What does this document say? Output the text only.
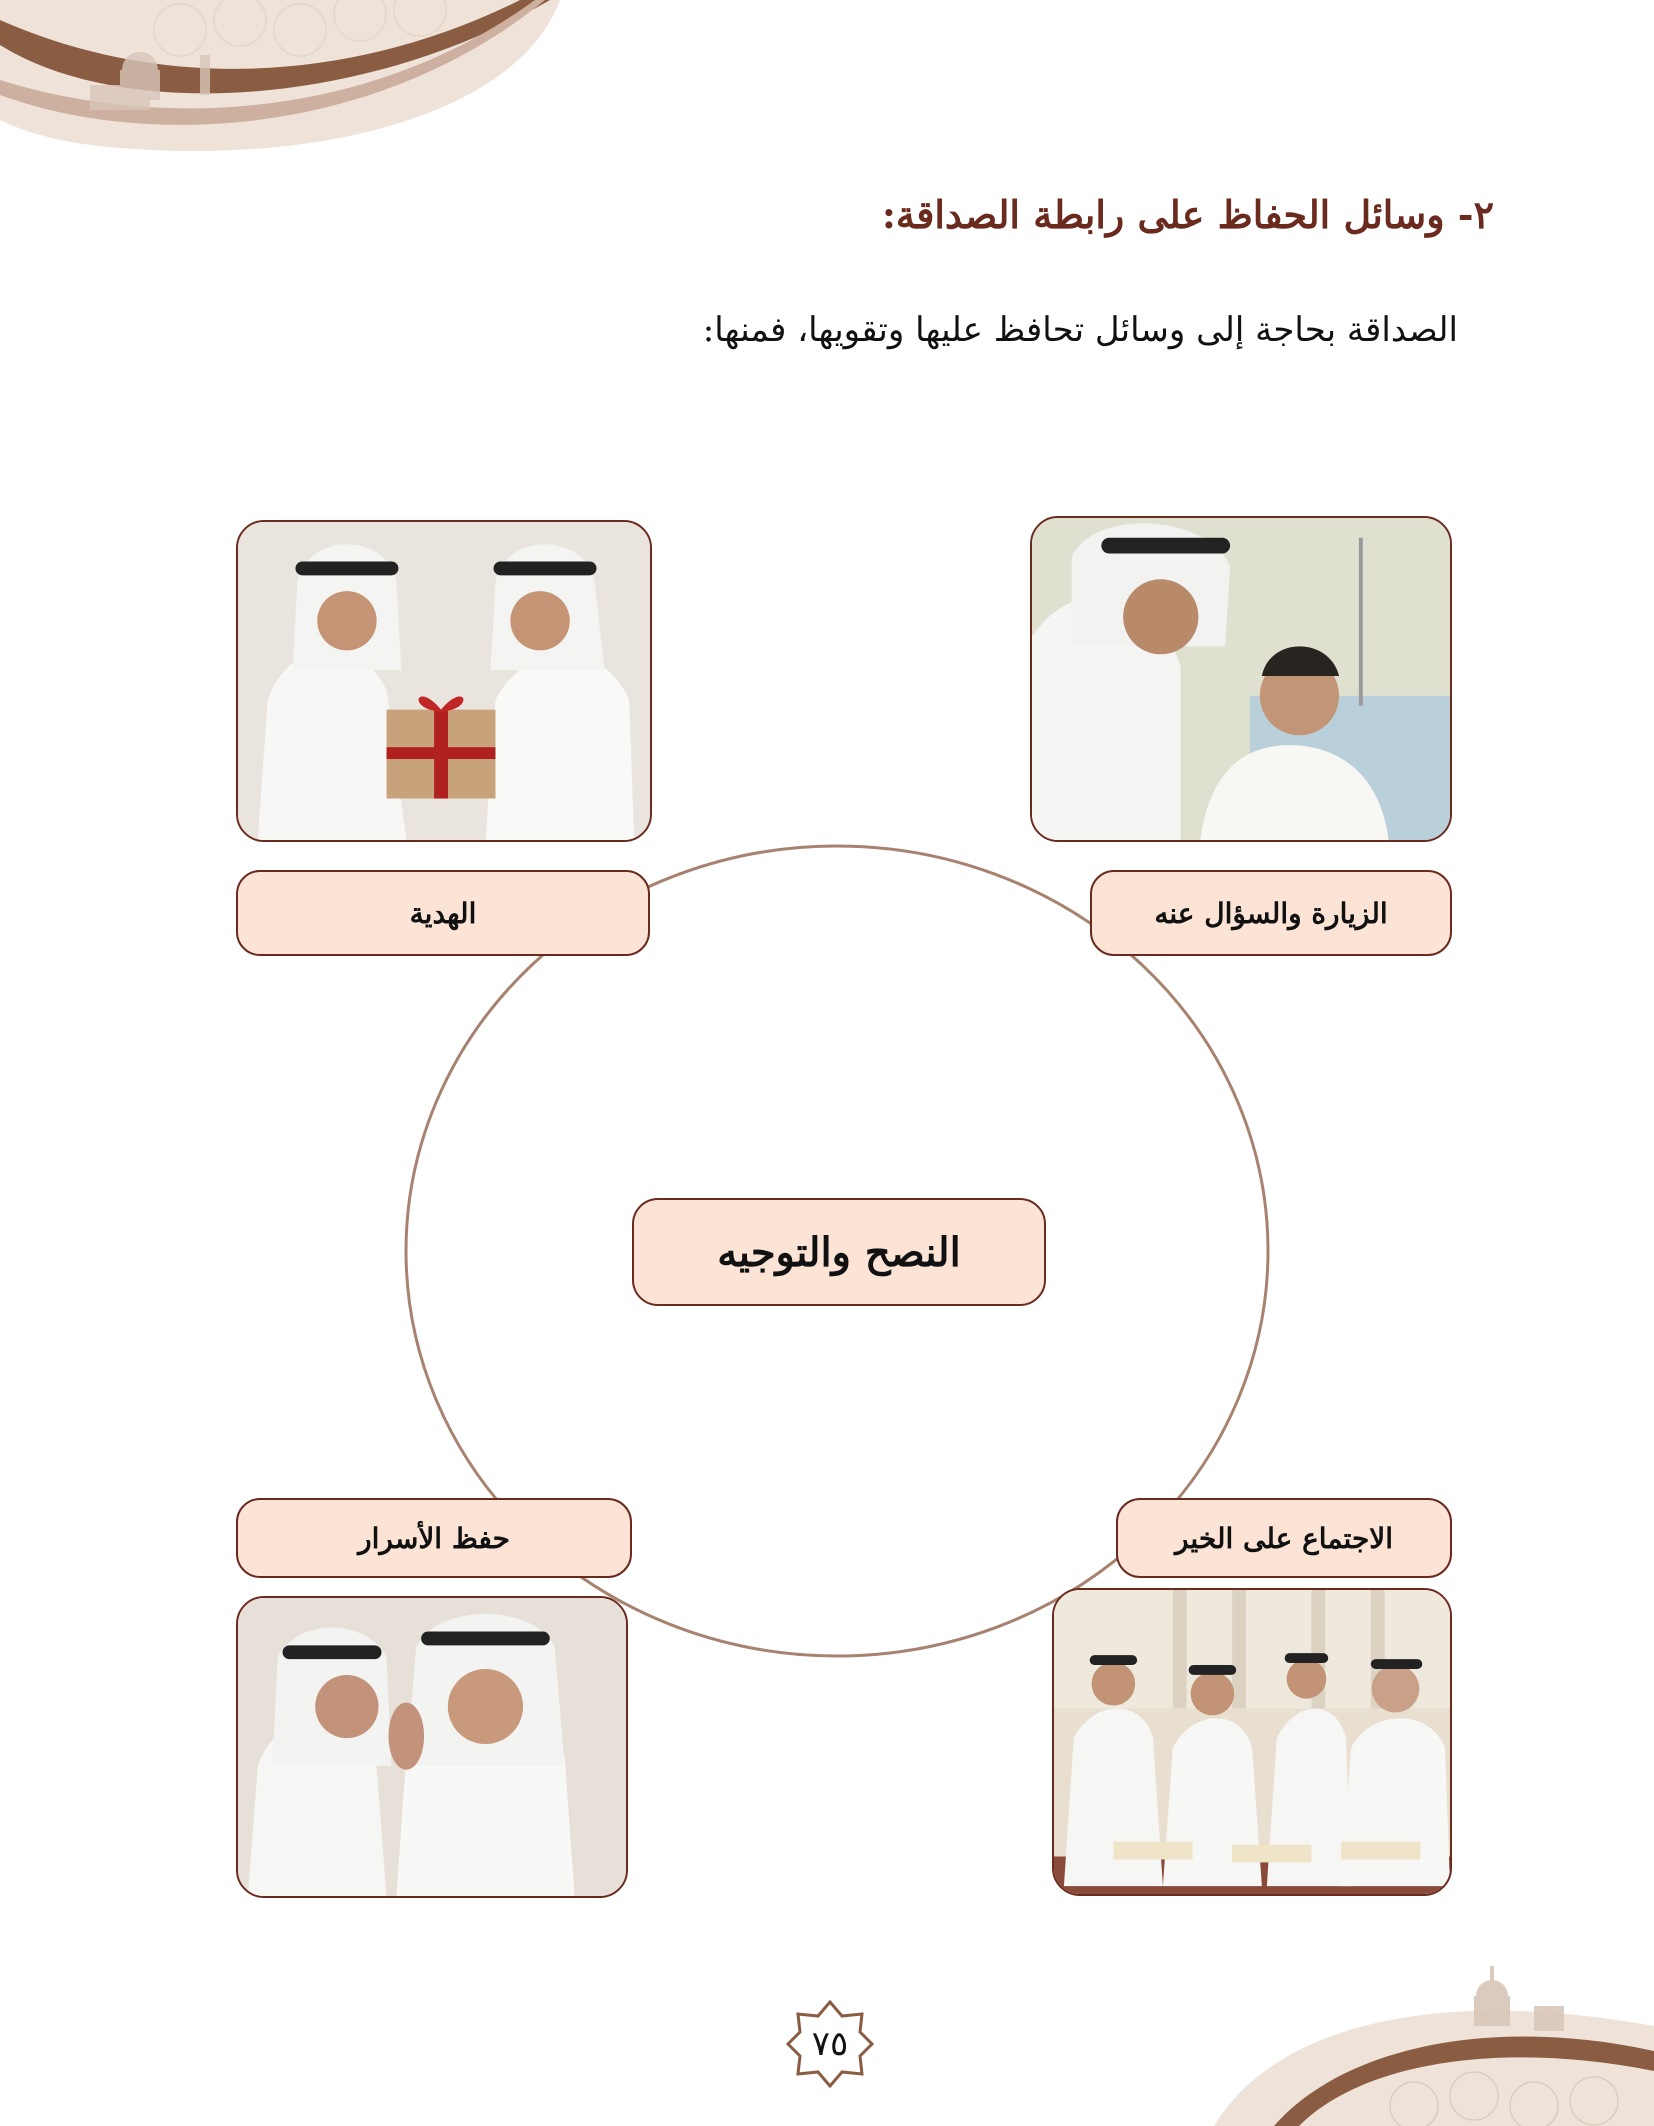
٢- وسائل الحفاظ على رابطة الصداقة:
الصداقة بحاجة إلى وسائل تحافظ عليها وتقويها، فمنها:
الهدية	الزيارة والسؤال عنه
حفظ الأسرار	الاجتماع على الخير
النصح والتوجيه
٧٥
